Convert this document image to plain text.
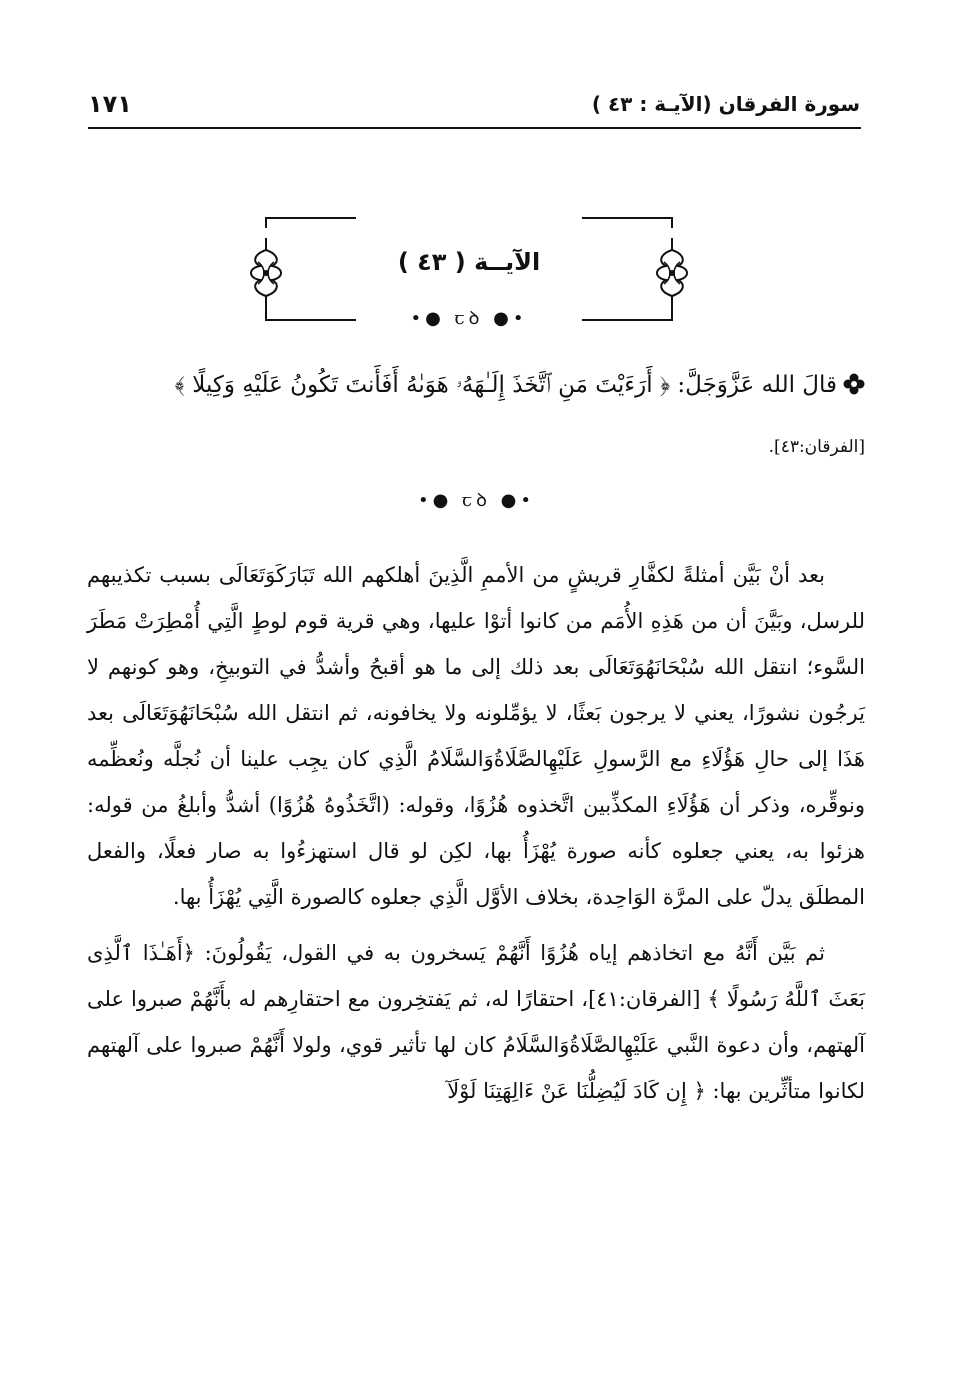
سورة الفرقان (الآيـة : ٤٣ )
١٧١
الآيــة ( ٤٣ )
•● ꞇꝺ ●•
قالَ الله عَزَّوَجَلَّ: ﴿ أَرَءَيْتَ مَنِ ٱتَّخَذَ إِلَـٰهَهُۥ هَوَىٰهُ أَفَأَنتَ تَكُونُ عَلَيْهِ وَكِيلًا ﴾
[الفرقان:٤٣].
•● ꞇꝺ ●•

بعد أنْ بَيَّن أمثلةً لكفَّارِ قريشٍ من الأممِ الَّذِينَ أهلكهم الله تَبَارَكَوَتَعَالَى بسبب تكذيبهم للرسل، وبَيَّنَ أن من هَذِهِ الأُمَم من كانوا أتوْا عليها، وهي قرية قوم لوطٍ الَّتِي أُمْطِرَتْ مَطَرَ السَّوء؛ انتقل الله سُبْحَانَهُوَتَعَالَى بعد ذلك إلى ما هو أقبحُ وأشدُّ في التوبيخِ، وهو كونهم لا يَرجُون نشورًا، يعني لا يرجون بَعثًا، لا يؤمِّلونه ولا يخافونه، ثم انتقل الله سُبْحَانَهُوَتَعَالَى بعد هَذَا إلى حالِ هَؤُلَاءِ مع الرَّسولِ عَلَيْهِالصَّلَاةُوَالسَّلَامُ الَّذِي كان يجِب علينا أن نُجلَّه ونُعظِّمه ونوقِّره، وذكر أن هَؤُلَاءِ المكذِّبين اتَّخذوه هُزُوًا، وقوله: (اتَّخَذُوهُ هُزُوًا) أشدُّ وأبلغُ من قوله: هزئوا به، يعني جعلوه كأنه صورة يُهْزَأُ بها، لكِن لو قال استهزءُوا به صار فعلًا، والفعل المطلَق يدلّ على المرَّة الوَاحِدة، بخلاف الأوَّل الَّذِي جعلوه كالصورة الَّتِي يُهْزَأُ بها.

ثم بَيَّن أَنَّهُ مع اتخاذهم إياه هُزُوًا أَنَّهُمْ يَسخرون به في القول، يَقُولُونَ: ﴿أَهَـٰذَا ٱلَّذِى بَعَثَ ٱللَّهُ رَسُولًا ﴾ [الفرقان:٤١]، احتقارًا له، ثم يَفتخِرون مع احتقارِهم له بأَنَّهُمْ صبروا على آلهتهم، وأن دعوة النَّبي عَلَيْهِالصَّلَاةُوَالسَّلَامُ كان لها تأثير قوي، ولولا أَنَّهُمْ صبروا على آلهتهم لكانوا متأثِّرين بها: ﴿ إِن كَادَ لَيُضِلُّنَا عَنْ ءَالِهَتِنَا لَوْلَآ
